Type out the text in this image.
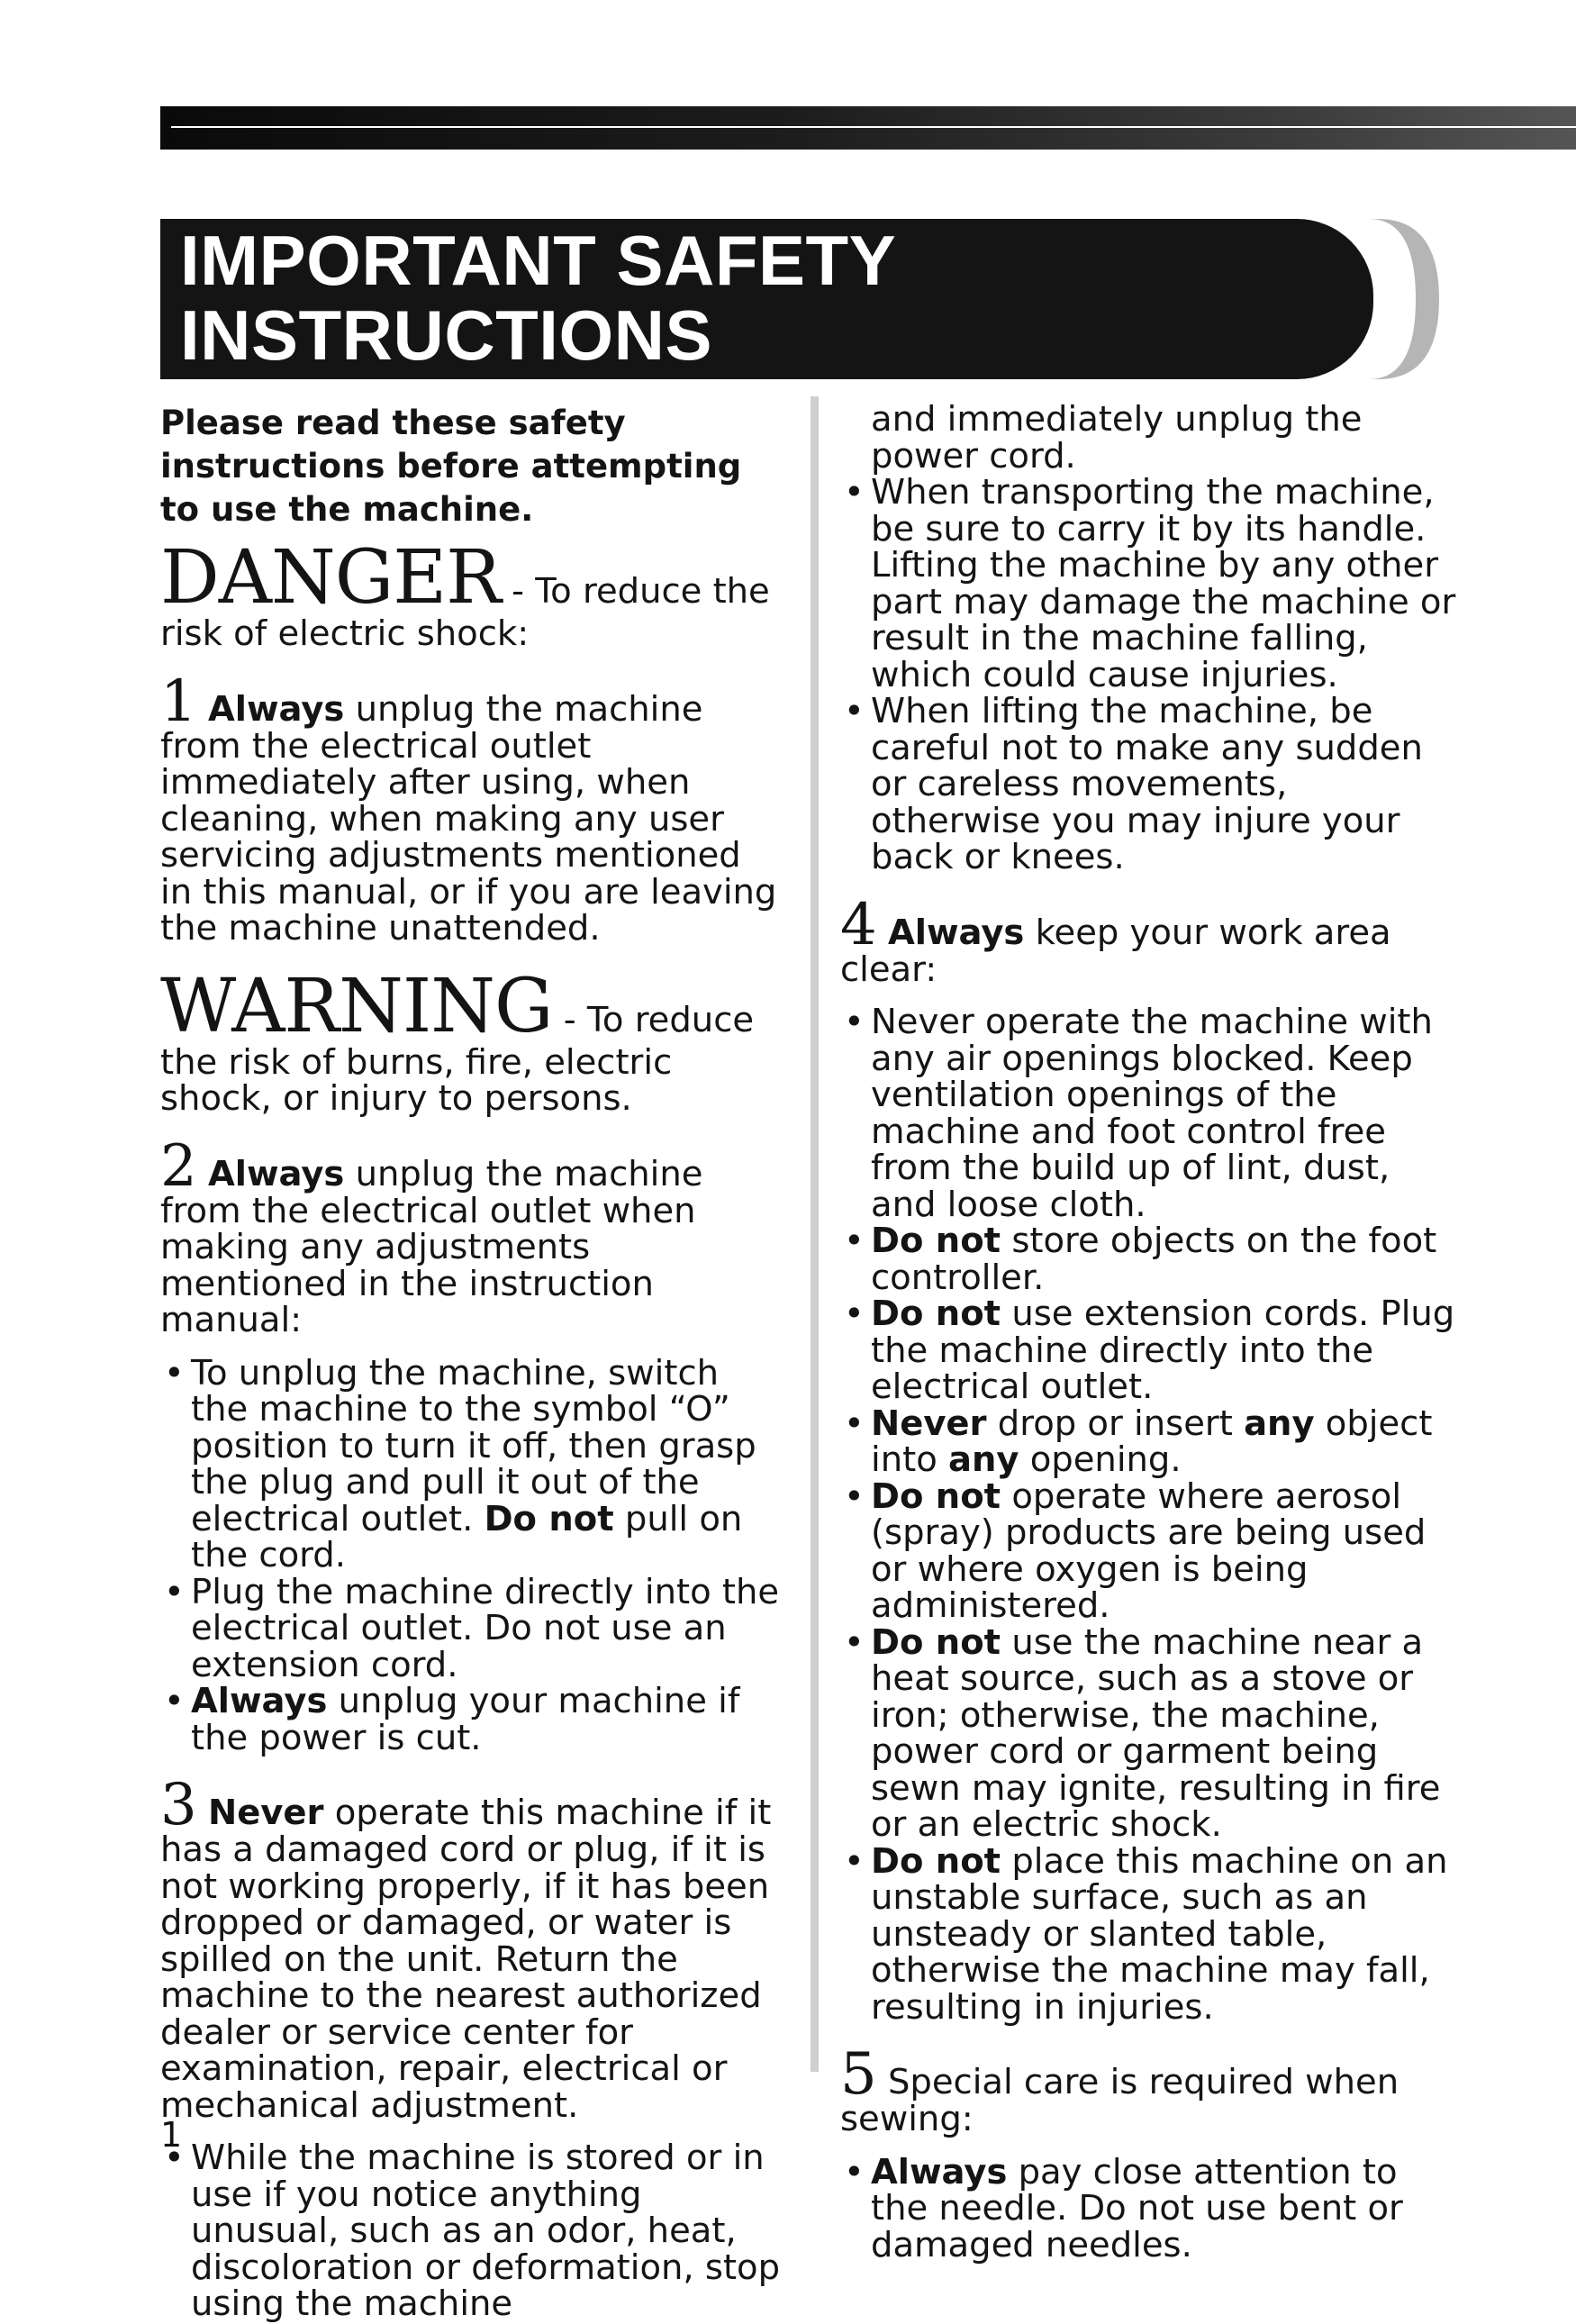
IMPORTANT SAFETY
INSTRUCTIONS

Please read these safety instructions before attempting to use the machine.

DANGER - To reduce the risk of electric shock:

1 Always unplug the machine from the electrical outlet immediately after using, when cleaning, when making any user servicing adjustments mentioned in this manual, or if you are leaving the machine unattended.

WARNING - To reduce the risk of burns, fire, electric shock, or injury to persons.

2 Always unplug the machine from the electrical outlet when making any adjustments mentioned in the instruction manual:

• To unplug the machine, switch the machine to the symbol “O” position to turn it off, then grasp the plug and pull it out of the electrical outlet. Do not pull on the cord.
• Plug the machine directly into the electrical outlet. Do not use an extension cord.
• Always unplug your machine if the power is cut.

3 Never operate this machine if it has a damaged cord or plug, if it is not working properly, if it has been dropped or damaged, or water is spilled on the unit. Return the machine to the nearest authorized dealer or service center for examination, repair, electrical or mechanical adjustment.

• While the machine is stored or in use if you notice anything unusual, such as an odor, heat, discoloration or deformation, stop using the machine
and immediately unplug the power cord.
• When transporting the machine, be sure to carry it by its handle. Lifting the machine by any other part may damage the machine or result in the machine falling, which could cause injuries.
• When lifting the machine, be careful not to make any sudden or careless movements, otherwise you may injure your back or knees.

4 Always keep your work area clear:

• Never operate the machine with any air openings blocked. Keep ventilation openings of the machine and foot control free from the build up of lint, dust, and loose cloth.
• Do not store objects on the foot controller.
• Do not use extension cords. Plug the machine directly into the electrical outlet.
• Never drop or insert any object into any opening.
• Do not operate where aerosol (spray) products are being used or where oxygen is being administered.
• Do not use the machine near a heat source, such as a stove or iron; otherwise, the machine, power cord or garment being sewn may ignite, resulting in fire or an electric shock.
• Do not place this machine on an unstable surface, such as an unsteady or slanted table, otherwise the machine may fall, resulting in injuries.

5 Special care is required when sewing:

• Always pay close attention to the needle. Do not use bent or damaged needles.
1
